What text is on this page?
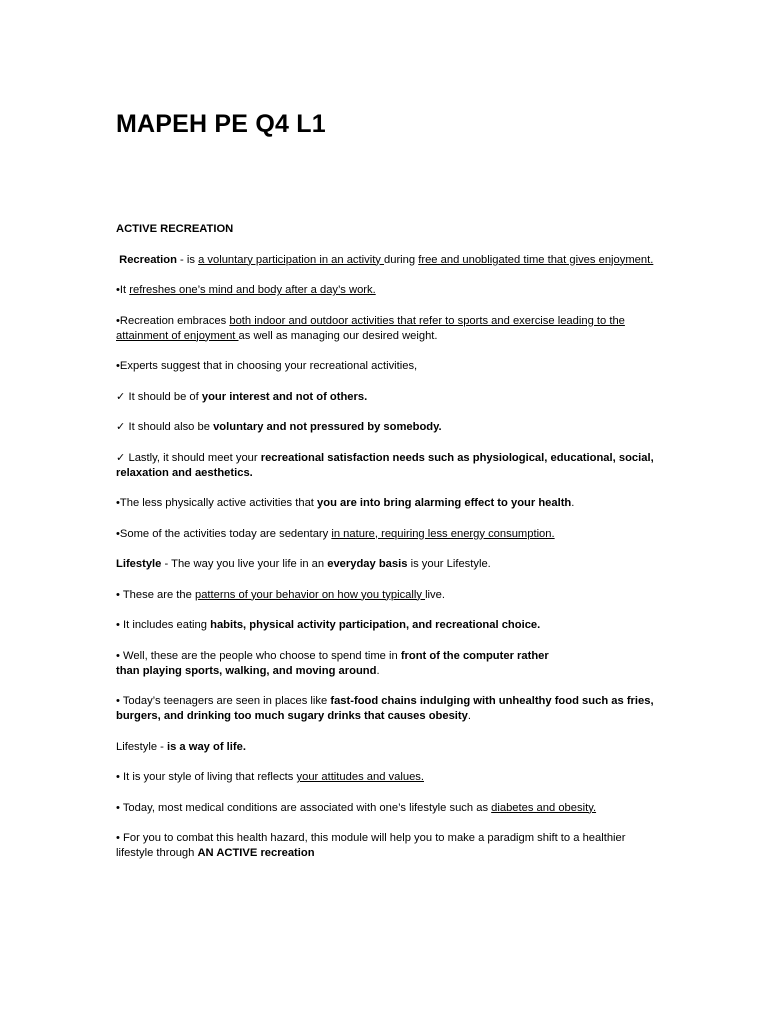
MAPEH PE Q4 L1

ACTIVE RECREATION

Recreation - is a voluntary participation in an activity during free and unobligated time that gives enjoyment.

•It refreshes one’s mind and body after a day’s work.

•Recreation embraces both indoor and outdoor activities that refer to sports and exercise leading to the attainment of enjoyment as well as managing our desired weight.

•Experts suggest that in choosing your recreational activities,

✓ It should be of your interest and not of others.

✓ It should also be voluntary and not pressured by somebody.

✓ Lastly, it should meet your recreational satisfaction needs such as physiological, educational, social, relaxation and aesthetics.

•The less physically active activities that you are into bring alarming effect to your health.

•Some of the activities today are sedentary in nature, requiring less energy consumption.

Lifestyle - The way you live your life in an everyday basis is your Lifestyle.

• These are the patterns of your behavior on how you typically live.

• It includes eating habits, physical activity participation, and recreational choice.

• Well, these are the people who choose to spend time in front of the computer rather
than playing sports, walking, and moving around.

• Today’s teenagers are seen in places like fast-food chains indulging with unhealthy food such as fries, burgers, and drinking too much sugary drinks that causes obesity.

Lifestyle - is a way of life.

• It is your style of living that reflects your attitudes and values.

• Today, most medical conditions are associated with one’s lifestyle such as diabetes and obesity.

• For you to combat this health hazard, this module will help you to make a paradigm shift to a healthier lifestyle through AN ACTIVE recreation
